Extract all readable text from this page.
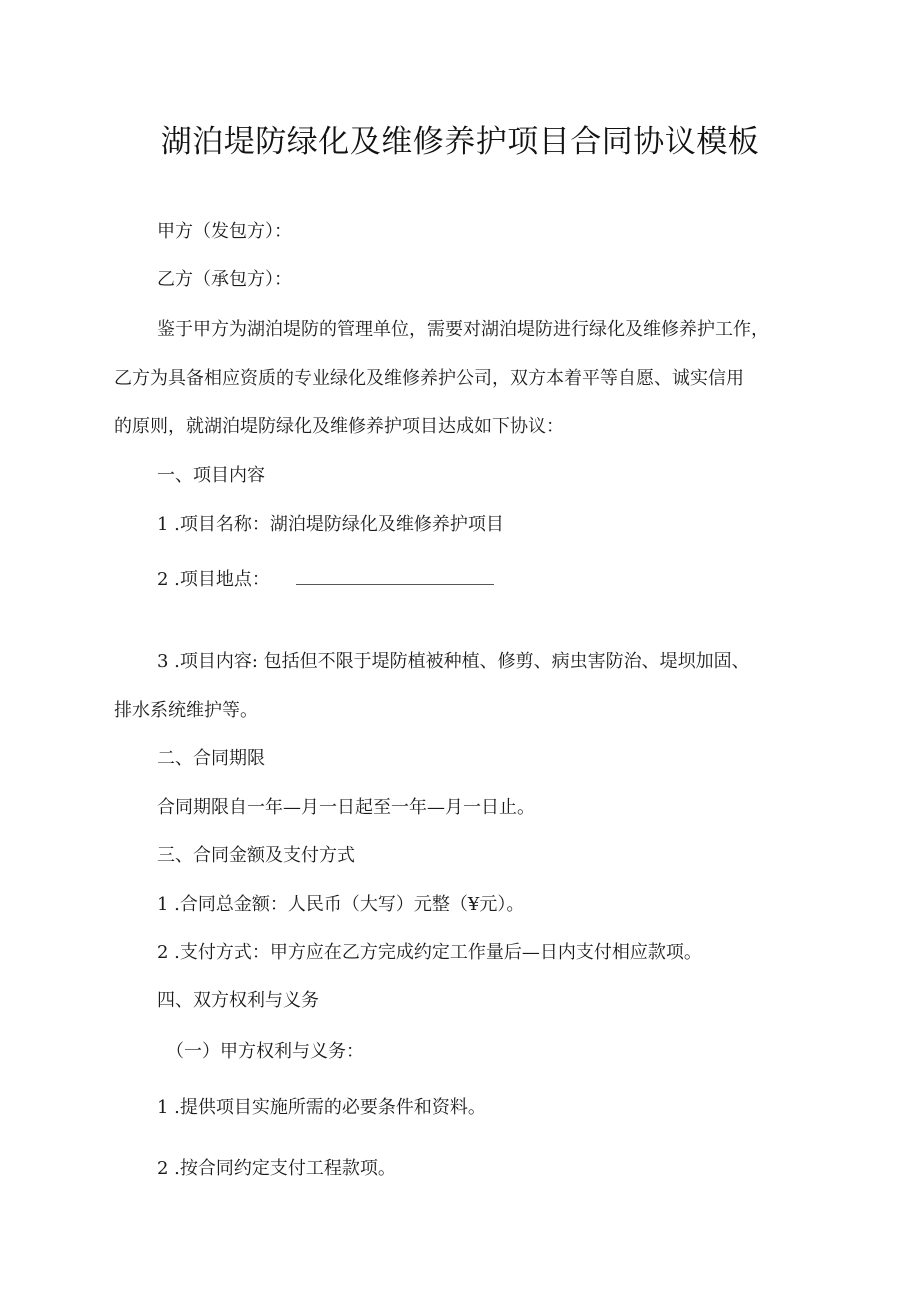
湖泊堤防绿化及维修养护项目合同协议模板
甲方（发包方）：
乙方（承包方）：
鉴于甲方为湖泊堤防的管理单位，需要对湖泊堤防进行绿化及维修养护工作，
乙方为具备相应资质的专业绿化及维修养护公司，双方本着平等自愿、诚实信用
的原则，就湖泊堤防绿化及维修养护项目达成如下协议：
一、项目内容
1 .项目名称：湖泊堤防绿化及维修养护项目
2 .项目地点：
3 .项目内容: 包括但不限于堤防植被种植、修剪、病虫害防治、堤坝加固、
排水系统维护等。
二、合同期限
合同期限自一年—月一日起至一年—月一日止。
三、合同金额及支付方式
1 .合同总金额：人民币（大写）元整（¥元）。
2 .支付方式：甲方应在乙方完成约定工作量后—日内支付相应款项。
四、双方权利与义务
（一）甲方权利与义务：
1 .提供项目实施所需的必要条件和资料。
2 .按合同约定支付工程款项。
